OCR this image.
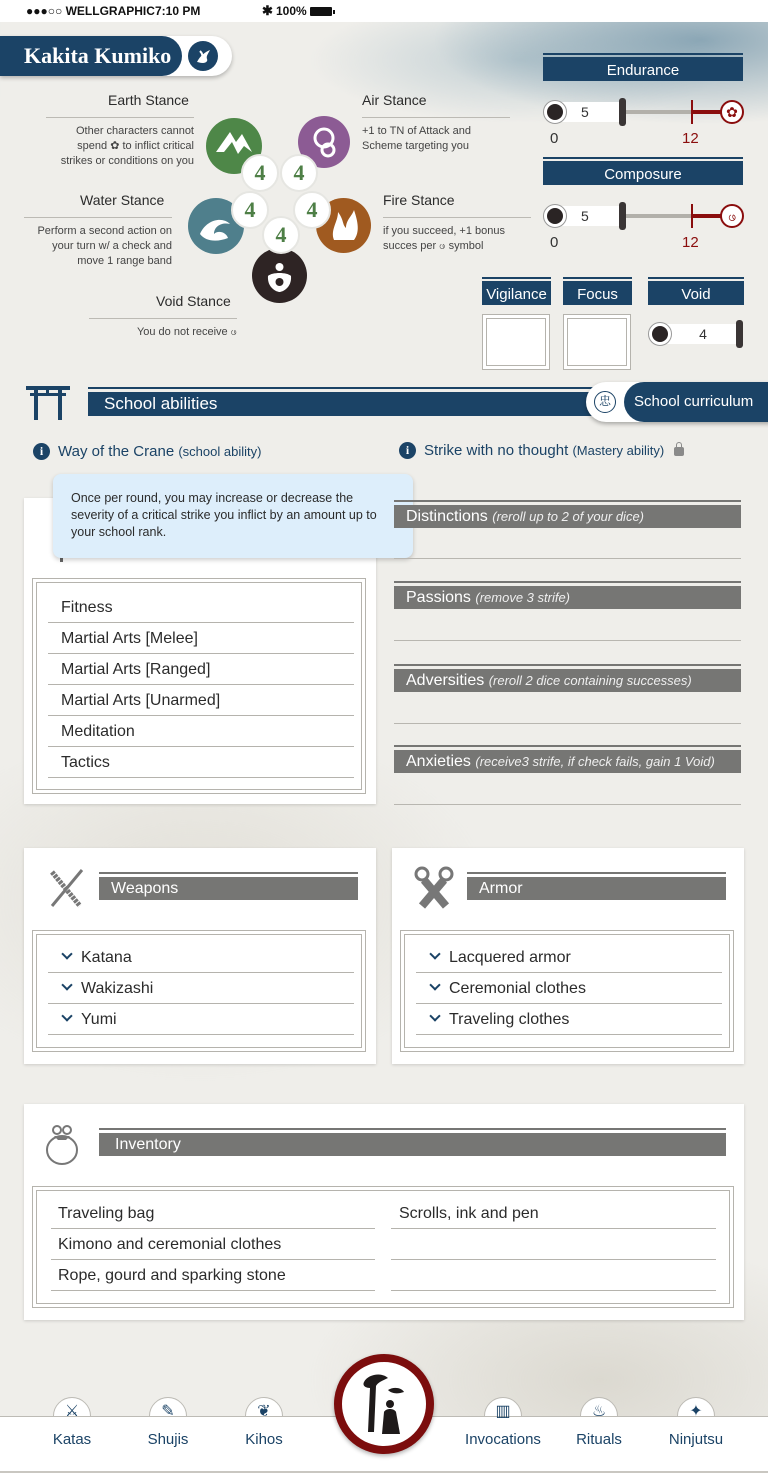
●●●○○ WELLGRAPHIC 7:10 PM	✱ 100%
Kakita Kumiko
Earth Stance
Other characters cannot spend ✿ to inflict critical strikes or conditions on you
Water Stance
Perform a second action on your turn w/ a check and move 1 range band
Void Stance
You do not receive ဖ
Air Stance
+1 to TN of Attack and Scheme targeting you
Fire Stance
if you succeed, +1 bonus succes per ဖ symbol
4	4
4	4
4
Endurance
5	✿
0	12
Composure
5	ဖ
0	12
Vigilance	Focus	Void
4
School abilities	忠	School curriculum
i Way of the Crane (school ability)	i Strike with no thought (Mastery ability)
Fitness
Martial Arts [Melee]
Martial Arts [Ranged]
Martial Arts [Unarmed]
Meditation
Tactics
Once per round, you may increase or decrease the severity of a critical strike you inflict by an amount up to your school rank.
Distinctions (reroll up to 2 of your dice)
Passions (remove 3 strife)
Adversities (reroll 2 dice containing successes)
Anxieties (receive3 strife, if check fails, gain 1 Void)
Weapons
Katana
Wakizashi
Yumi
Armor
Lacquered armor
Ceremonial clothes
Traveling clothes
Inventory
Traveling bag
Kimono and ceremonial clothes
Rope, gourd and sparking stone
Scrolls, ink and pen
⚔
Katas
✎
Shujis
❦
Kihos
▥
Invocations
♨
Rituals
✦
Ninjutsu
